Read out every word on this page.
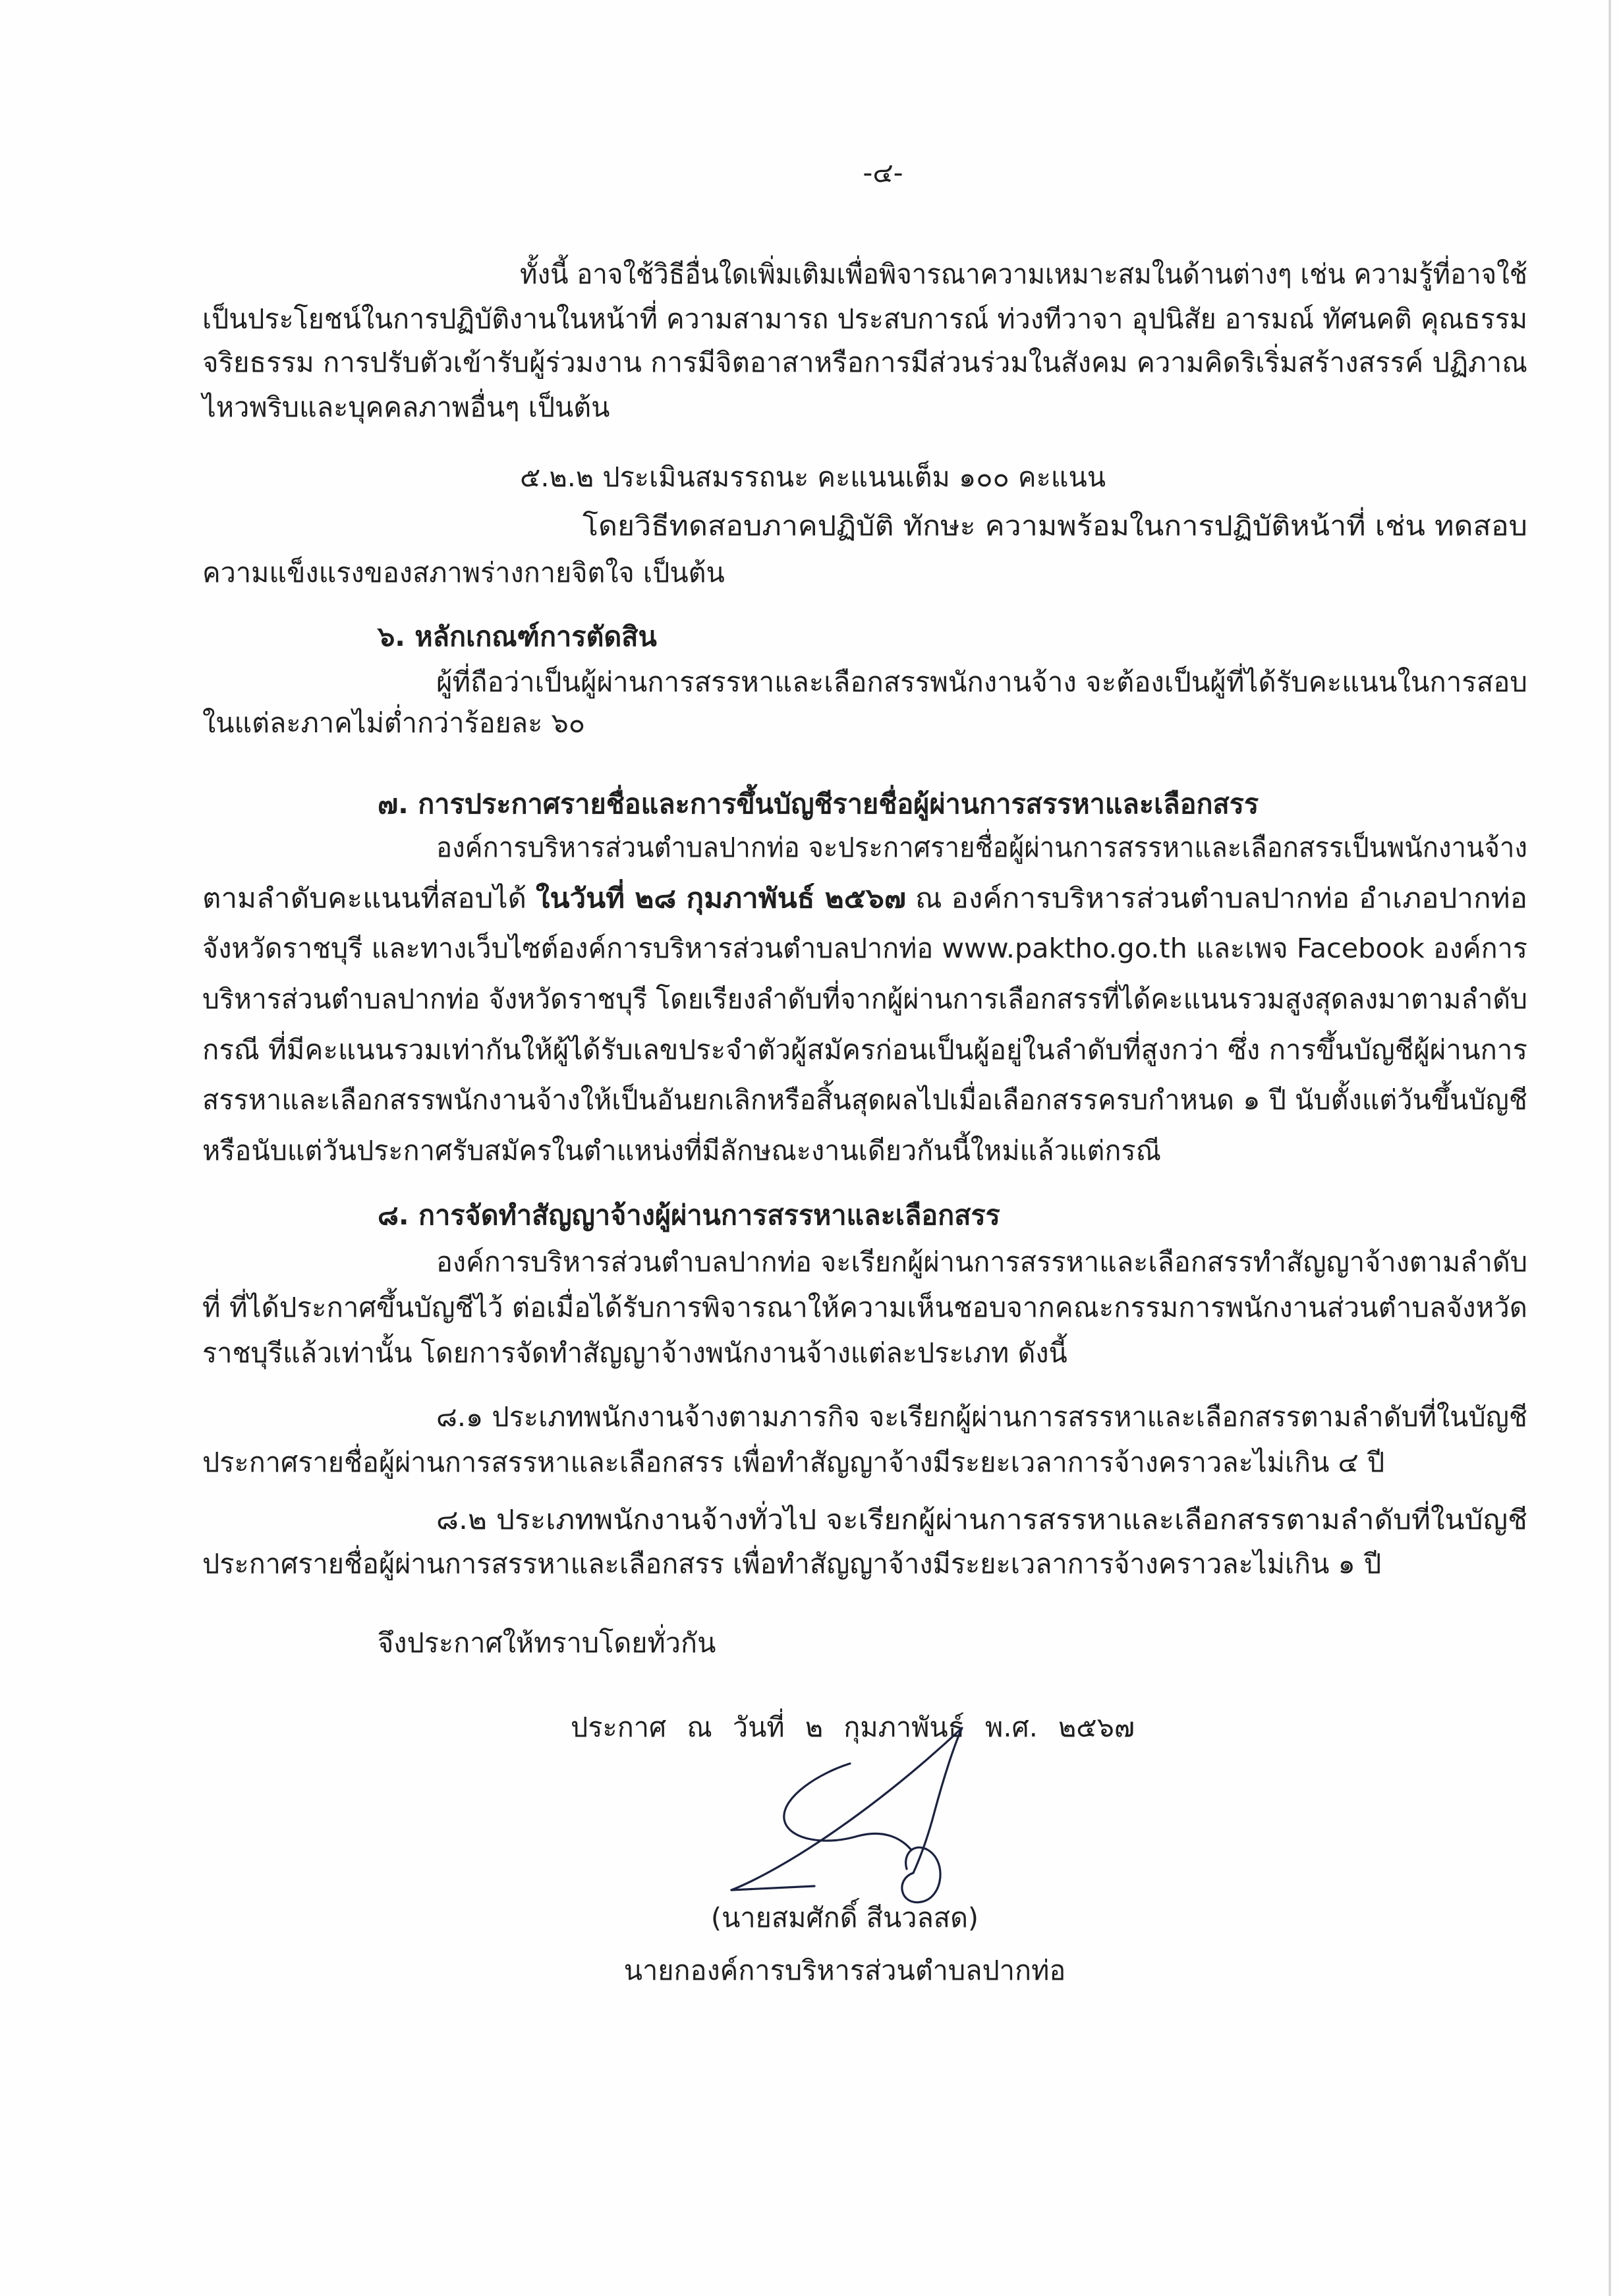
-๔-
ทั้งนี้ อาจใช้วิธีอื่นใดเพิ่มเติมเพื่อพิจารณาความเหมาะสมในด้านต่างๆ เช่น ความรู้ที่อาจใช้
เป็นประโยชน์ในการปฏิบัติงานในหน้าที่ ความสามารถ ประสบการณ์ ท่วงทีวาจา อุปนิสัย อารมณ์ ทัศนคติ คุณธรรม
จริยธรรม การปรับตัวเข้ารับผู้ร่วมงาน การมีจิตอาสาหรือการมีส่วนร่วมในสังคม ความคิดริเริ่มสร้างสรรค์ ปฏิภาณ
ไหวพริบและบุคคลภาพอื่นๆ เป็นต้น
๕.๒.๒ ประเมินสมรรถนะ คะแนนเต็ม ๑๐๐ คะแนน
โดยวิธีทดสอบภาคปฏิบัติ ทักษะ ความพร้อมในการปฏิบัติหน้าที่ เช่น ทดสอบ
ความแข็งแรงของสภาพร่างกายจิตใจ เป็นต้น
๖. หลักเกณฑ์การตัดสิน
ผู้ที่ถือว่าเป็นผู้ผ่านการสรรหาและเลือกสรรพนักงานจ้าง จะต้องเป็นผู้ที่ได้รับคะแนนในการสอบ
ในแต่ละภาคไม่ต่ำกว่าร้อยละ ๖๐
๗. การประกาศรายชื่อและการขึ้นบัญชีรายชื่อผู้ผ่านการสรรหาและเลือกสรร
องค์การบริหารส่วนตำบลปากท่อ จะประกาศรายชื่อผู้ผ่านการสรรหาและเลือกสรรเป็นพนักงานจ้าง
ตามลำดับคะแนนที่สอบได้ ในวันที่ ๒๘ กุมภาพันธ์ ๒๕๖๗ ณ องค์การบริหารส่วนตำบลปากท่อ อำเภอปากท่อ
จังหวัดราชบุรี และทางเว็บไซต์องค์การบริหารส่วนตำบลปากท่อ www.paktho.go.th และเพจ Facebook องค์การ
บริหารส่วนตำบลปากท่อ จังหวัดราชบุรี โดยเรียงลำดับที่จากผู้ผ่านการเลือกสรรที่ได้คะแนนรวมสูงสุดลงมาตามลำดับ
กรณี ที่มีคะแนนรวมเท่ากันให้ผู้ได้รับเลขประจำตัวผู้สมัครก่อนเป็นผู้อยู่ในลำดับที่สูงกว่า ซึ่ง การขึ้นบัญชีผู้ผ่านการ
สรรหาและเลือกสรรพนักงานจ้างให้เป็นอันยกเลิกหรือสิ้นสุดผลไปเมื่อเลือกสรรครบกำหนด ๑ ปี นับตั้งแต่วันขึ้นบัญชี
หรือนับแต่วันประกาศรับสมัครในตำแหน่งที่มีลักษณะงานเดียวกันนี้ใหม่แล้วแต่กรณี
๘. การจัดทำสัญญาจ้างผู้ผ่านการสรรหาและเลือกสรร
องค์การบริหารส่วนตำบลปากท่อ จะเรียกผู้ผ่านการสรรหาและเลือกสรรทำสัญญาจ้างตามลำดับ
ที่ ที่ได้ประกาศขึ้นบัญชีไว้ ต่อเมื่อได้รับการพิจารณาให้ความเห็นชอบจากคณะกรรมการพนักงานส่วนตำบลจังหวัด
ราชบุรีแล้วเท่านั้น โดยการจัดทำสัญญาจ้างพนักงานจ้างแต่ละประเภท ดังนี้
๘.๑ ประเภทพนักงานจ้างตามภารกิจ จะเรียกผู้ผ่านการสรรหาและเลือกสรรตามลำดับที่ในบัญชี
ประกาศรายชื่อผู้ผ่านการสรรหาและเลือกสรร เพื่อทำสัญญาจ้างมีระยะเวลาการจ้างคราวละไม่เกิน ๔ ปี
๘.๒ ประเภทพนักงานจ้างทั่วไป จะเรียกผู้ผ่านการสรรหาและเลือกสรรตามลำดับที่ในบัญชี
ประกาศรายชื่อผู้ผ่านการสรรหาและเลือกสรร เพื่อทำสัญญาจ้างมีระยะเวลาการจ้างคราวละไม่เกิน ๑ ปี
จึงประกาศให้ทราบโดยทั่วกัน
ประกาศ ณ วันที่ ๒ กุมภาพันธ์ พ.ศ. ๒๕๖๗
(นายสมศักดิ์ สีนวลสด)
นายกองค์การบริหารส่วนตำบลปากท่อ
